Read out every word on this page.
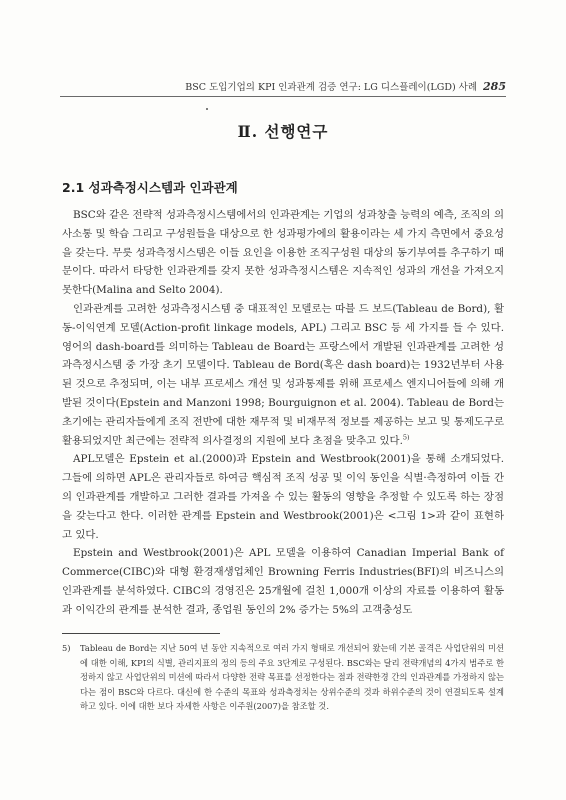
BSC 도입기업의 KPI 인과관계 검증 연구: LG 디스플레이(LGD) 사례 285
Ⅱ. 선행연구
2.1 성과측정시스템과 인과관계

BSC와 같은 전략적 성과측정시스템에서의 인과관계는 기업의 성과창출 능력의 예측, 조직의 의사소통 및 학습 그리고 구성원들을 대상으로 한 성과평가에의 활용이라는 세 가지 측면에서 중요성을 갖는다. 무릇 성과측정시스템은 이들 요인을 이용한 조직구성원 대상의 동기부여를 추구하기 때문이다. 따라서 타당한 인과관계를 갖지 못한 성과측정시스템은 지속적인 성과의 개선을 가져오지 못한다(Malina and Selto 2004).

인과관계를 고려한 성과측정시스템 중 대표적인 모델로는 따블 드 보드(Tableau de Bord), 활동-이익연계 모델(Action-profit linkage models, APL) 그리고 BSC 등 세 가지를 들 수 있다. 영어의 dash-board를 의미하는 Tableau de Board는 프랑스에서 개발된 인과관계를 고려한 성과측정시스템 중 가장 초기 모델이다. Tableau de Bord(혹은 dash board)는 1932년부터 사용된 것으로 추정되며, 이는 내부 프로세스 개선 및 성과통제를 위해 프로세스 엔지니어들에 의해 개발된 것이다(Epstein and Manzoni 1998; Bourguignon et al. 2004). Tableau de Bord는 초기에는 관리자들에게 조직 전반에 대한 재무적 및 비재무적 정보를 제공하는 보고 및 통제도구로 활용되었지만 최근에는 전략적 의사결정의 지원에 보다 초점을 맞추고 있다.$^{5)}$

APL모델은 Epstein et al.(2000)과 Epstein and Westbrook(2001)을 통해 소개되었다. 그들에 의하면 APL은 관리자들로 하여금 핵심적 조직 성공 및 이익 동인을 식별·측정하여 이들 간의 인과관계를 개발하고 그러한 결과를 가져올 수 있는 활동의 영향을 추정할 수 있도록 하는 장점을 갖는다고 한다. 이러한 관계를 Epstein and Westbrook(2001)은 <그림 1>과 같이 표현하고 있다.

Epstein and Westbrook(2001)은 APL 모델을 이용하여 Canadian Imperial Bank of Commerce(CIBC)와 대형 환경재생업체인 Browning Ferris Industries(BFI)의 비즈니스의 인과관계를 분석하였다. CIBC의 경영진은 25개월에 걸친 1,000개 이상의 자료를 이용하여 활동과 이익간의 관계를 분석한 결과, 종업원 동인의 2% 증가는 5%의 고객충성도

5)	Tableau de Bord는 지난 50여 년 동안 지속적으로 여러 가지 형태로 개선되어 왔는데 기본 골격은 사업단위의 미션에 대한 이해, KPI의 식별, 관리지표의 정의 등의 주요 3단계로 구성된다. BSC와는 달리 전략개념의 4가지 범주로 한정하지 않고 사업단위의 미션에 따라서 다양한 전략 목표를 선정한다는 점과 전략한경 간의 인과관계를 가정하지 않는다는 점이 BSC와 다르다. 대신에 한 수준의 목표와 성과측정치는 상위수준의 것과 하위수준의 것이 연결되도록 설계하고 있다. 이에 대한 보다 자세한 사항은 이주원(2007)을 참조할 것.
